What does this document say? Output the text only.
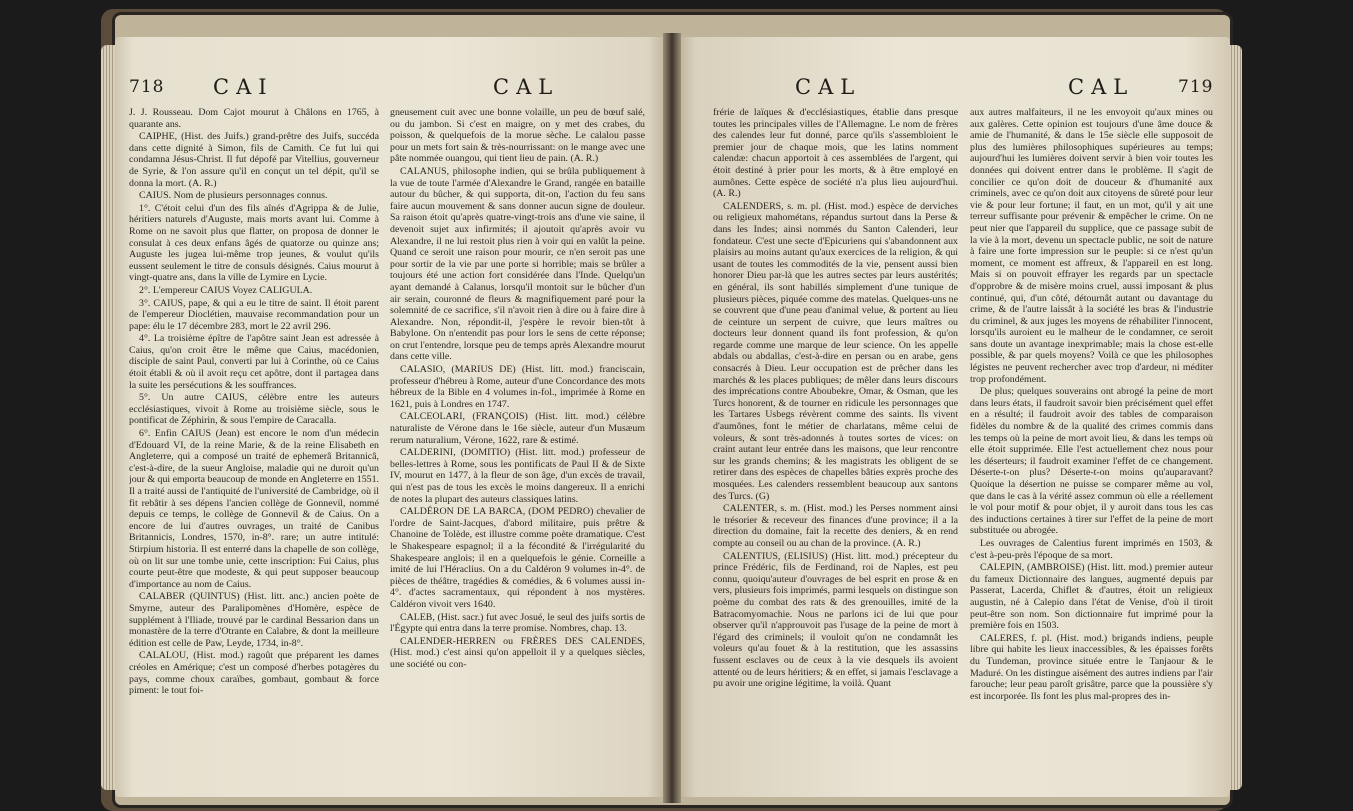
718 CAI	CAL

J. J. Rousseau. Dom Cajot mourut à Châlons en 1765, à quarante ans.

CAIPHE, (Hist. des Juifs.) grand-prêtre des Juifs, succéda dans cette dignité à Simon, fils de Camith. Ce fut lui qui condamna Jésus-Christ. Il fut dépofé par Vitellius, gouverneur de Syrie, & l'on assure qu'il en conçut un tel dépit, qu'il se donna la mort. (A. R.)

CAIUS. Nom de plusieurs personnages connus.

1°. C'étoit celui d'un des fils aînés d'Agrippa & de Julie, héritiers naturels d'Auguste, mais morts avant lui. Comme à Rome on ne savoit plus que flatter, on proposa de donner le consulat à ces deux enfans âgés de quatorze ou quinze ans; Auguste les jugea lui-même trop jeunes, & voulut qu'ils eussent seulement le titre de consuls désignés. Caius mourut à vingt-quatre ans, dans la ville de Lymire en Lycie.

2°. L'empereur CAIUS Voyez CALIGULA.

3°. CAIUS, pape, & qui a eu le titre de saint. Il étoit parent de l'empereur Dioclétien, mauvaise recommandation pour un pape: élu le 17 décembre 283, mort le 22 avril 296.

4°. La troisième épître de l'apôtre saint Jean est adressée à Caius, qu'on croit être le même que Caius, macédonien, disciple de saint Paul, converti par lui à Corinthe, où ce Caius étoit établi & où il avoit reçu cet apôtre, dont il partagea dans la suite les persécutions & les souffrances.

5°. Un autre CAIUS, célèbre entre les auteurs ecclésiastiques, vivoit à Rome au troisième siècle, sous le pontificat de Zéphirin, & sous l'empire de Caracalla.

6°. Enfin CAIUS (Jean) est encore le nom d'un médecin d'Edouard VI, de la reine Marie, & de la reine Elisabeth en Angleterre, qui a composé un traité de ephemerâ Britannicâ, c'est-à-dire, de la sueur Angloise, maladie qui ne duroit qu'un jour & qui emporta beaucoup de monde en Angleterre en 1551. Il a traité aussi de l'antiquité de l'université de Cambridge, où il fit rebâtir à ses dépens l'ancien collège de Gonnevil, nommé depuis ce temps, le collège de Gonnevil & de Caius. On a encore de lui d'autres ouvrages, un traité de Canibus Britannicis, Londres, 1570, in-8°. rare; un autre intitulé: Stirpium historia. Il est enterré dans la chapelle de son collège, où on lit sur une tombe unie, cette inscription: Fui Caius, plus courte peut-être que modeste, & qui peut supposer beaucoup d'importance au nom de Caius.

CALABER (QUINTUS) (Hist. litt. anc.) ancien poète de Smyrne, auteur des Paralipomènes d'Homère, espèce de supplément à l'Iliade, trouvé par le cardinal Bessarion dans un monastère de la terre d'Otrante en Calabre, & dont la meilleure édition est celle de Paw, Leyde, 1734, in-8°.

CALALOU, (Hist. mod.) ragoût que préparent les dames créoles en Amérique; c'est un composé d'herbes potagères du pays, comme choux caraïbes, gombaut, gombaut & force piment: le tout foi-

gneusement cuit avec une bonne volaille, un peu de bœuf salé, ou du jambon. Si c'est en maigre, on y met des crabes, du poisson, & quelquefois de la morue sèche. Le calalou passe pour un mets fort sain & très-nourrissant: on le mange avec une pâte nommée ouangou, qui tient lieu de pain. (A. R.)

CALANUS, philosophe indien, qui se brûla publiquement à la vue de toute l'armée d'Alexandre le Grand, rangée en bataille autour du bûcher, & qui supporta, dit-on, l'action du feu sans faire aucun mouvement & sans donner aucun signe de douleur. Sa raison étoit qu'après quatre-vingt-trois ans d'une vie saine, il devenoit sujet aux infirmités; il ajoutoit qu'après avoir vu Alexandre, il ne lui restoit plus rien à voir qui en valût la peine. Quand ce seroit une raison pour mourir, ce n'en seroit pas une pour sortir de la vie par une porte si horrible; mais se brûler a toujours été une action fort considérée dans l'Inde. Quelqu'un ayant demandé à Calanus, lorsqu'il montoit sur le bûcher d'un air serain, couronné de fleurs & magnifiquement paré pour la solemnité de ce sacrifice, s'il n'avoit rien à dire ou à faire dire à Alexandre. Non, répondit-il, j'espère le revoir bien-tôt à Babylone. On n'entendit pas pour lors le sens de cette réponse; on crut l'entendre, lorsque peu de temps après Alexandre mourut dans cette ville.

CALASIO, (MARIUS DE) (Hist. litt. mod.) franciscain, professeur d'hébreu à Rome, auteur d'une Concordance des mots hébreux de la Bible en 4 volumes in-fol., imprimée à Rome en 1621, puis à Londres en 1747.

CALCEOLARI, (FRANÇOIS) (Hist. litt. mod.) célèbre naturaliste de Vérone dans le 16e siècle, auteur d'un Musæum rerum naturalium, Vérone, 1622, rare & estimé.

CALDERINI, (DOMITIO) (Hist. litt. mod.) professeur de belles-lettres à Rome, sous les pontificats de Paul II & de Sixte IV, mourut en 1477, à la fleur de son âge, d'un excès de travail, qui n'est pas de tous les excès le moins dangereux. Il a enrichi de notes la plupart des auteurs classiques latins.

CALDÉRON DE LA BARCA, (DOM PEDRO) chevalier de l'ordre de Saint-Jacques, d'abord militaire, puis prêtre & Chanoine de Tolède, est illustre comme poète dramatique. C'est le Shakespeare espagnol; il a la fécondité & l'irrégularité du Shakespeare anglois; il en a quelquefois le génie. Corneille a imité de lui l'Héraclius. On a du Caldéron 9 volumes in-4°. de pièces de théâtre, tragédies & comédies, & 6 volumes aussi in-4°. d'actes sacramentaux, qui répondent à nos mystères. Caldéron vivoit vers 1640.

CALEB, (Hist. sacr.) fut avec Josué, le seul des juifs sortis de l'Égypte qui entra dans la terre promise. Nombres, chap. 13.

CALENDER-HERREN ou FRÈRES DES CALENDES, (Hist. mod.) c'est ainsi qu'on appelloit il y a quelques siècles, une société ou con-

CAL	CAL	719

frérie de laïques & d'ecclésiastiques, établie dans presque toutes les principales villes de l'Allemagne. Le nom de frères des calendes leur fut donné, parce qu'ils s'assembloient le premier jour de chaque mois, que les latins nomment calendæ: chacun apportoit à ces assemblées de l'argent, qui étoit destiné à prier pour les morts, & à être employé en aumônes. Cette espèce de société n'a plus lieu aujourd'hui. (A. R.)

CALENDERS, s. m. pl. (Hist. mod.) espèce de derviches ou religieux mahométans, répandus surtout dans la Perse & dans les Indes; ainsi nommés du Santon Calenderi, leur fondateur. C'est une secte d'Epicuriens qui s'abandonnent aux plaisirs au moins autant qu'aux exercices de la religion, & qui usant de toutes les commodités de la vie, pensent aussi bien honorer Dieu par-là que les autres sectes par leurs austérités; en général, ils sont habillés simplement d'une tunique de plusieurs pièces, piquée comme des matelas. Quelques-uns ne se couvrent que d'une peau d'animal velue, & portent au lieu de ceinture un serpent de cuivre, que leurs maîtres ou docteurs leur donnent quand ils font profession, & qu'on regarde comme une marque de leur science. On les appelle abdals ou abdallas, c'est-à-dire en persan ou en arabe, gens consacrés à Dieu. Leur occupation est de prêcher dans les marchés & les places publiques; de mêler dans leurs discours des imprécations contre Aboubekre, Omar, & Osman, que les Turcs honorent, & de tourner en ridicule les personnages que les Tartares Usbegs révèrent comme des saints. Ils vivent d'aumônes, font le métier de charlatans, même celui de voleurs, & sont très-adonnés à toutes sortes de vices: on craint autant leur entrée dans les maisons, que leur rencontre sur les grands chemins; & les magistrats les obligent de se retirer dans des espèces de chapelles bâties exprès proche des mosquées. Les calenders ressemblent beaucoup aux santons des Turcs. (G)

CALENTER, s. m. (Hist. mod.) les Perses nomment ainsi le trésorier & receveur des finances d'une province; il a la direction du domaine, fait la recette des deniers, & en rend compte au conseil ou au chan de la province. (A. R.)

CALENTIUS, (ELISIUS) (Hist. litt. mod.) précepteur du prince Frédéric, fils de Ferdinand, roi de Naples, est peu connu, quoiqu'auteur d'ouvrages de bel esprit en prose & en vers, plusieurs fois imprimés, parmi lesquels on distingue son poème du combat des rats & des grenouilles, imité de la Batracomyomachie. Nous ne parlons ici de lui que pour observer qu'il n'approuvoit pas l'usage de la peine de mort à l'égard des criminels; il vouloit qu'on ne condamnât les voleurs qu'au fouet & à la restitution, que les assassins fussent esclaves ou de ceux à la vie desquels ils avoient attenté ou de leurs héritiers; & en effet, si jamais l'esclavage a pu avoir une origine légitime, la voilà. Quant

aux autres malfaiteurs, il ne les envoyoit qu'aux mines ou aux galères. Cette opinion est toujours d'une âme douce & amie de l'humanité, & dans le 15e siècle elle supposoit de plus des lumières philosophiques supérieures au temps; aujourd'hui les lumières doivent servir à bien voir toutes les données qui doivent entrer dans le problème. Il s'agit de concilier ce qu'on doit de douceur & d'humanité aux criminels, avec ce qu'on doit aux citoyens de sûreté pour leur vie & pour leur fortune; il faut, en un mot, qu'il y ait une terreur suffisante pour prévenir & empêcher le crime. On ne peut nier que l'appareil du supplice, que ce passage subit de la vie à la mort, devenu un spectacle public, ne soit de nature à faire une forte impression sur le peuple: si ce n'est qu'un moment, ce moment est affreux, & l'appareil en est long. Mais si on pouvoit effrayer les regards par un spectacle d'opprobre & de misère moins cruel, aussi imposant & plus continué, qui, d'un côté, détournât autant ou davantage du crime, & de l'autre laissât à la société les bras & l'industrie du criminel, & aux juges les moyens de réhabiliter l'innocent, lorsqu'ils auroient eu le malheur de le condamner, ce seroit sans doute un avantage inexprimable; mais la chose est-elle possible, & par quels moyens? Voilà ce que les philosophes légistes ne peuvent rechercher avec trop d'ardeur, ni méditer trop profondément.

De plus; quelques souverains ont abrogé la peine de mort dans leurs états, il faudroit savoir bien précisément quel effet en a résulté; il faudroit avoir des tables de comparaison fidèles du nombre & de la qualité des crimes commis dans les temps où la peine de mort avoit lieu, & dans les temps où elle étoit supprimée. Elle l'est actuellement chez nous pour les déserteurs; il faudroit examiner l'effet de ce changement. Déserte-t-on plus? Déserte-t-on moins qu'auparavant? Quoique la désertion ne puisse se comparer même au vol, que dans le cas à la vérité assez commun où elle a réellement le vol pour motif & pour objet, il y auroit dans tous les cas des inductions certaines à tirer sur l'effet de la peine de mort substituée ou abrogée.

Les ouvrages de Calentius furent imprimés en 1503, & c'est à-peu-près l'époque de sa mort.

CALEPIN, (AMBROISE) (Hist. litt. mod.) premier auteur du fameux Dictionnaire des langues, augmenté depuis par Passerat, Lacerda, Chiflet & d'autres, étoit un religieux augustin, né à Calepio dans l'état de Venise, d'où il tiroit peut-être son nom. Son dictionnaire fut imprimé pour la première fois en 1503.

CALERES, f. pl. (Hist. mod.) brigands indiens, peuple libre qui habite les lieux inaccessibles, & les épaisses forêts du Tundeman, province située entre le Tanjaour & le Maduré. On les distingue aisément des autres indiens par l'air farouche; leur peau paroît grisâtre, parce que la poussière s'y est incorporée. Ils font les plus mal-propres des in-
